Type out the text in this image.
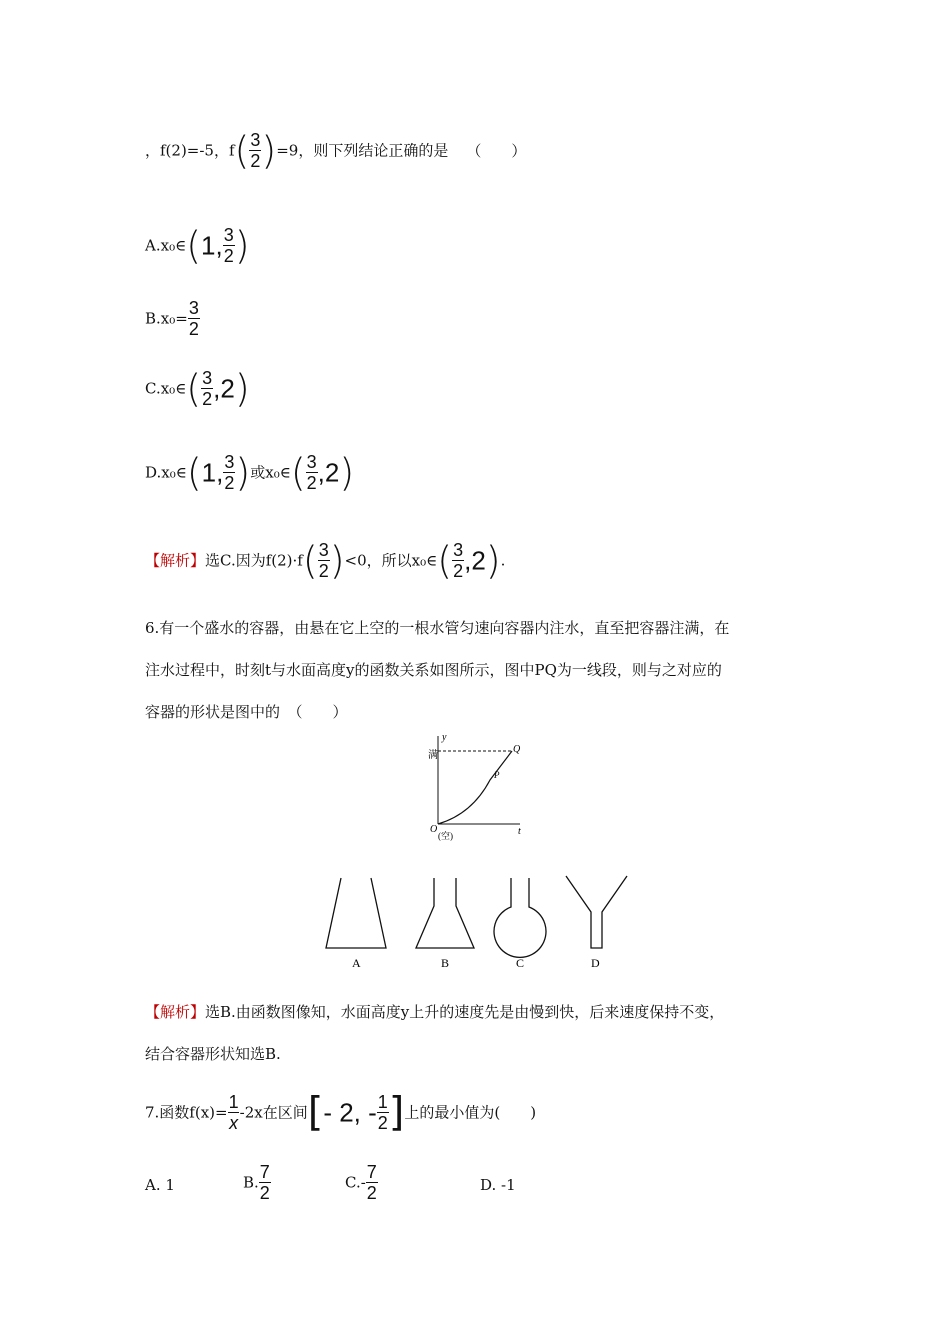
，f(2)=-5，$f( \frac{3}{2} )=9$，则下列结论正确的是 （　　）
A.x₀∈(1, $\frac{3}{2}$ )
$B.x_0= \frac{3}{2}$
C.x₀∈( $\frac{3}{2} ,2$)
D.x₀∈(1, $\frac{3}{2}$ )或x₀∈( $\frac{3}{2} ,2$)
【解析】选C.因为$f(2)\cdot f( \frac{3}{2} )<0$，所以x₀∈( $\frac{3}{2} ,2$).
6.有一个盛水的容器，由悬在它上空的一根水管匀速向容器内注水，直至把容器注满，在
注水过程中，时刻t与水面高度y的函数关系如图所示，图中PQ为一线段，则与之对应的
容器的形状是图中的　（　　）
y
满
Q
P
O
(空)	t
A	B	C	D
【解析】选B.由函数图像知，水面高度y上升的速度先是由慢到快，后来速度保持不变，
结合容器形状知选B.
7.函数$f(x)= \frac{1}{x} -2x$在区间[- 2, - $\frac{1}{2}$ ]上的最小值为(　　)
A. 1	B. $\frac{7}{2}$	$C.- \frac{7}{2}$	D. -1
